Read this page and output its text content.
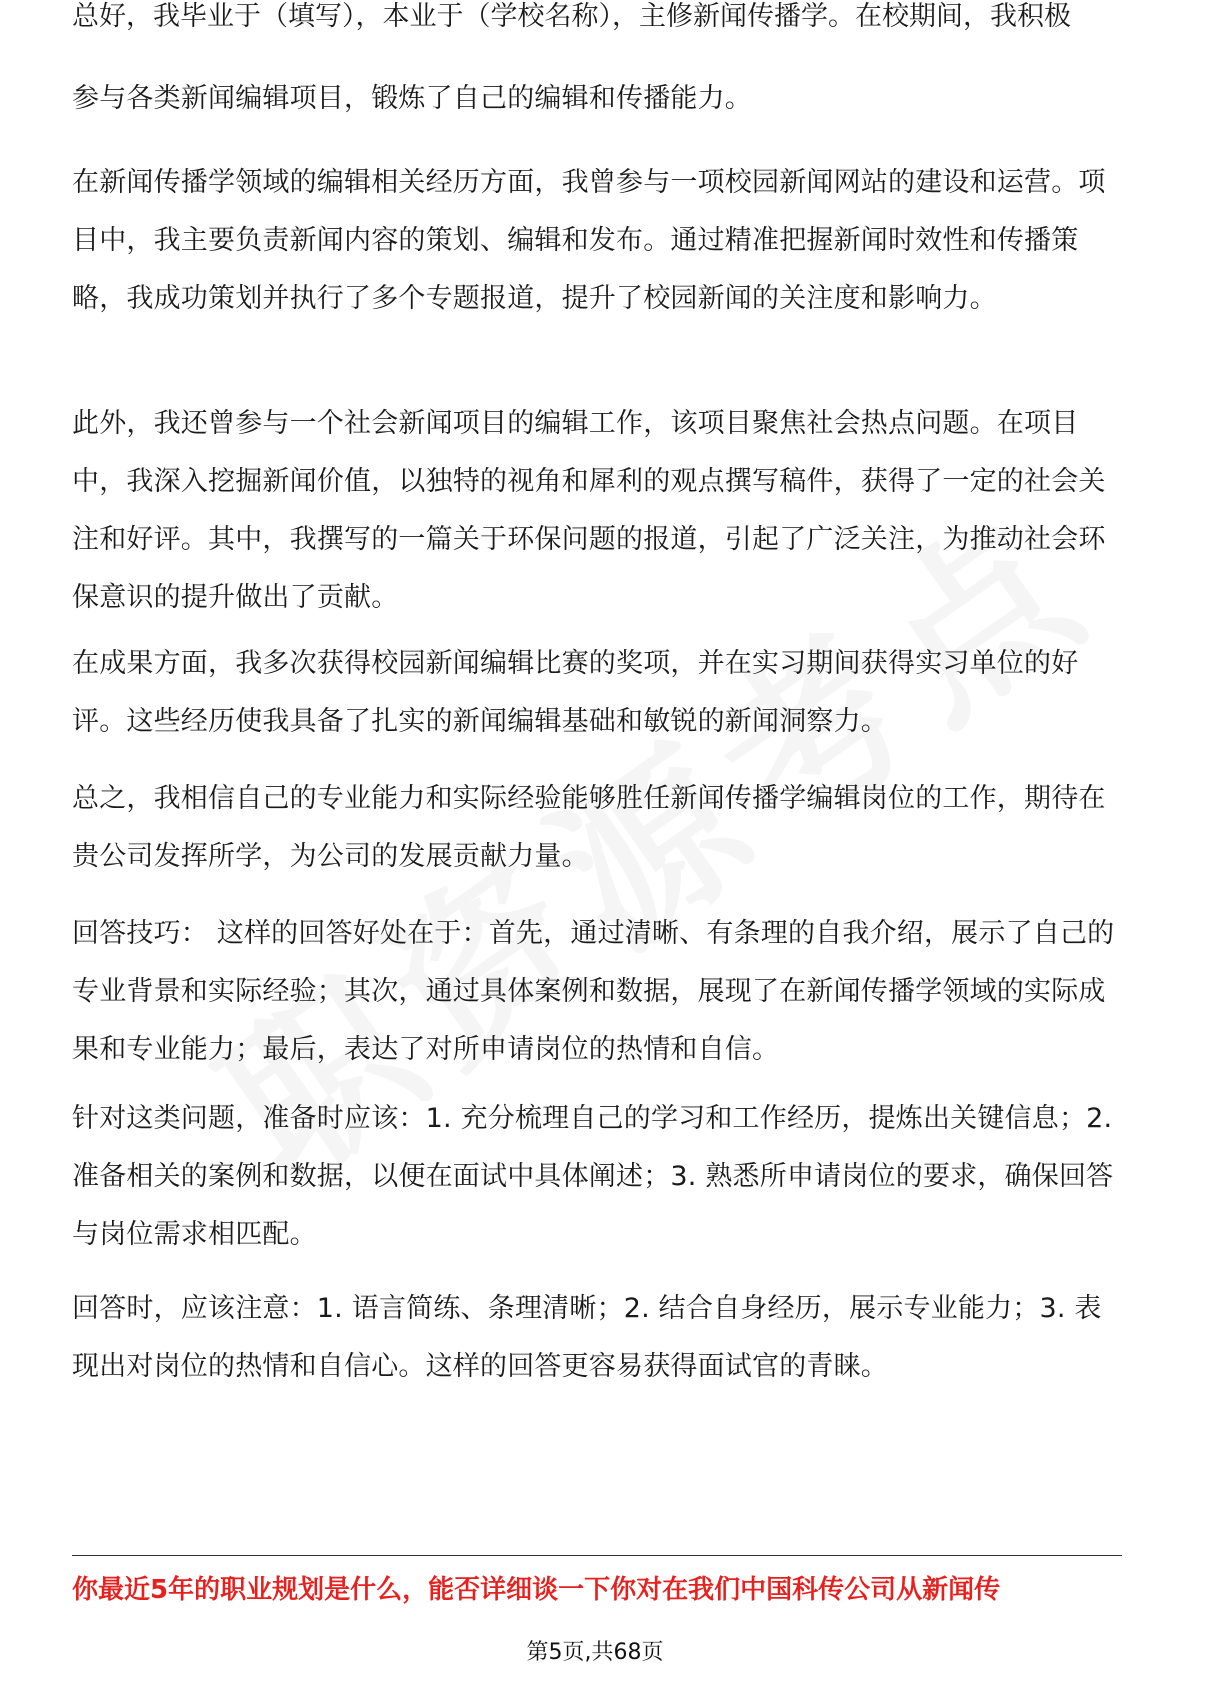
总好，我毕业于（填写），本业于（学校名称），主修新闻传播学。在校期间，我积极

参与各类新闻编辑项目，锻炼了自己的编辑和传播能力。

在新闻传播学领域的编辑相关经历方面，我曾参与一项校园新闻网站的建设和运营。项目中，我主要负责新闻内容的策划、编辑和发布。通过精准把握新闻时效性和传播策略，我成功策划并执行了多个专题报道，提升了校园新闻的关注度和影响力。

此外，我还曾参与一个社会新闻项目的编辑工作，该项目聚焦社会热点问题。在项目中，我深入挖掘新闻价值，以独特的视角和犀利的观点撰写稿件，获得了一定的社会关注和好评。其中，我撰写的一篇关于环保问题的报道，引起了广泛关注，为推动社会环保意识的提升做出了贡献。

在成果方面，我多次获得校园新闻编辑比赛的奖项，并在实习期间获得实习单位的好评。这些经历使我具备了扎实的新闻编辑基础和敏锐的新闻洞察力。

总之，我相信自己的专业能力和实际经验能够胜任新闻传播学编辑岗位的工作，期待在贵公司发挥所学，为公司的发展贡献力量。

回答技巧： 这样的回答好处在于：首先，通过清晰、有条理的自我介绍，展示了自己的专业背景和实际经验；其次，通过具体案例和数据，展现了在新闻传播学领域的实际成果和专业能力；最后，表达了对所申请岗位的热情和自信。

针对这类问题，准备时应该：1. 充分梳理自己的学习和工作经历，提炼出关键信息；2. 准备相关的案例和数据，以便在面试中具体阐述；3. 熟悉所申请岗位的要求，确保回答与岗位需求相匹配。

回答时，应该注意：1. 语言简练、条理清晰；2. 结合自身经历，展示专业能力；3. 表现出对岗位的热情和自信心。这样的回答更容易获得面试官的青睐。

你最近5年的职业规划是什么，能否详细谈一下你对在我们中国科传公司从新闻传
第5页,共68页
